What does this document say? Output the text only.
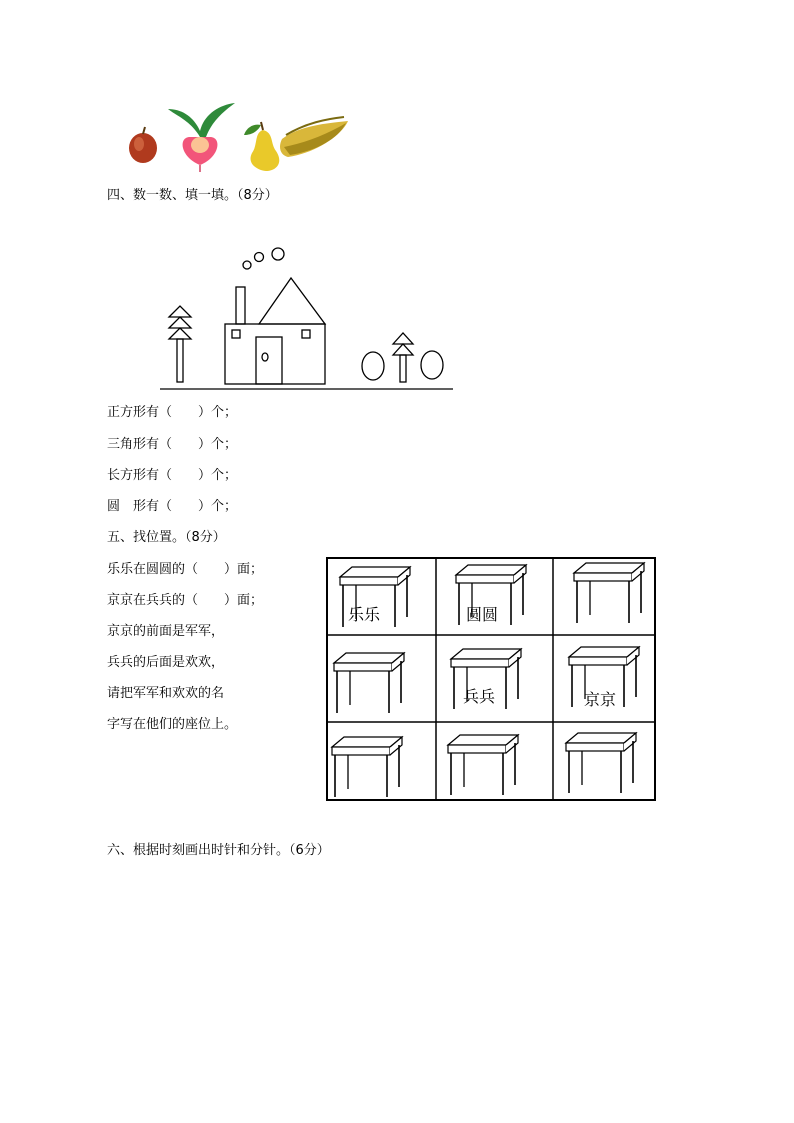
四、数一数、填一填。（8分）
正方形有（　　）个；
三角形有（　　）个；
长方形有（　　）个；
圆　形有（　　）个；
五、找位置。（8分）
乐乐在圆圆的（　　）面；
京京在兵兵的（　　）面；
京京的前面是军军，
兵兵的后面是欢欢，
请把军军和欢欢的名
字写在他们的座位上。
乐乐	圆圆
兵兵	京京
六、根据时刻画出时针和分针。（6分）
